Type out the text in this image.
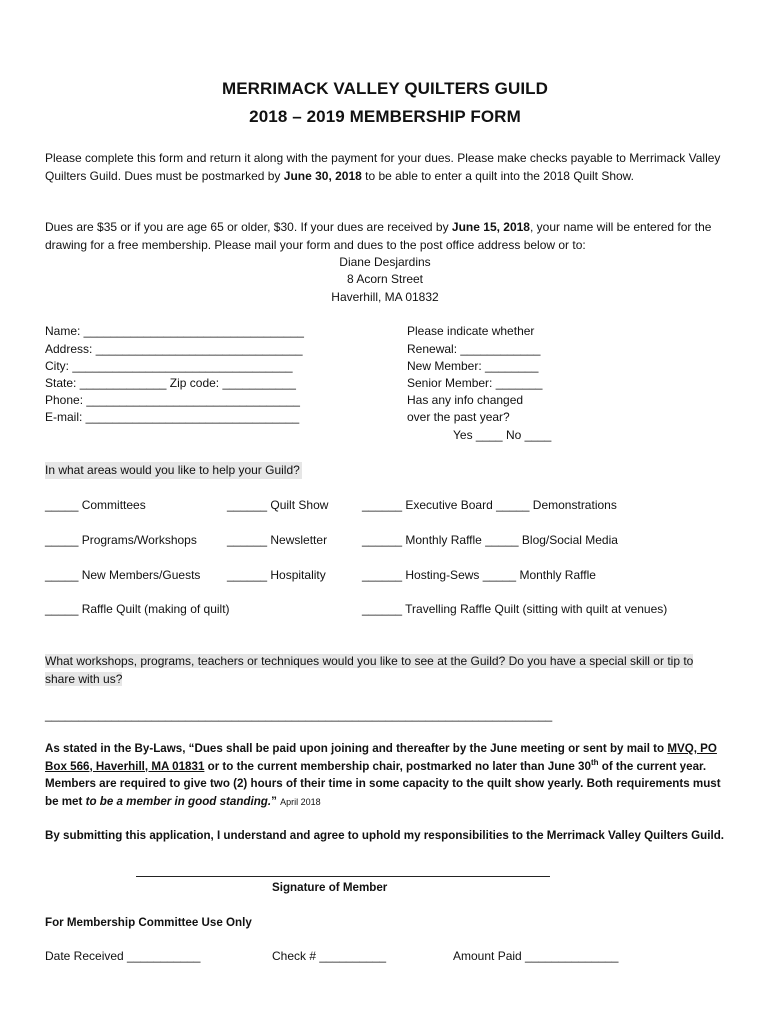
MERRIMACK VALLEY QUILTERS GUILD
2018 – 2019 MEMBERSHIP FORM
Please complete this form and return it along with the payment for your dues. Please make checks payable to Merrimack Valley Quilters Guild. Dues must be postmarked by June 30, 2018 to be able to enter a quilt into the 2018 Quilt Show.
Dues are $35 or if you are age 65 or older, $30. If your dues are received by June 15, 2018, your name will be entered for the drawing for a free membership. Please mail your form and dues to the post office address below or to:
Diane Desjardins
8 Acorn Street
Haverhill, MA 01832
Name: _________________________________
Address: _______________________________
City: _________________________________
State: _____________ Zip code: ___________
Phone: ________________________________
E-mail: ________________________________
Please indicate whether
Renewal: ____________
New Member: ________
Senior Member: _______
Has any info changed
over the past year?
Yes ____ No ____
In what areas would you like to help your Guild?
_____ Committees	______ Quilt Show	______ Executive Board _____ Demonstrations
_____ Programs/Workshops	______ Newsletter	______ Monthly Raffle _____ Blog/Social Media
_____ New Members/Guests ______ Hospitality	______ Hosting-Sews _____ Monthly Raffle
_____ Raffle Quilt (making of quilt)	______ Travelling Raffle Quilt (sitting with quilt at venues)
What workshops, programs, teachers or techniques would you like to see at the Guild? Do you have a special skill or tip to share with us?
____________________________________________________________________________
As stated in the By-Laws, “Dues shall be paid upon joining and thereafter by the June meeting or sent by mail to MVQ, PO Box 566, Haverhill, MA 01831 or to the current membership chair, postmarked no later than June 30th of the current year. Members are required to give two (2) hours of their time in some capacity to the quilt show yearly. Both requirements must be met to be a member in good standing.” April 2018
By submitting this application, I understand and agree to uphold my responsibilities to the Merrimack Valley Quilters Guild.
Signature of Member
For Membership Committee Use Only
Date Received ___________	Check # __________	Amount Paid ______________
